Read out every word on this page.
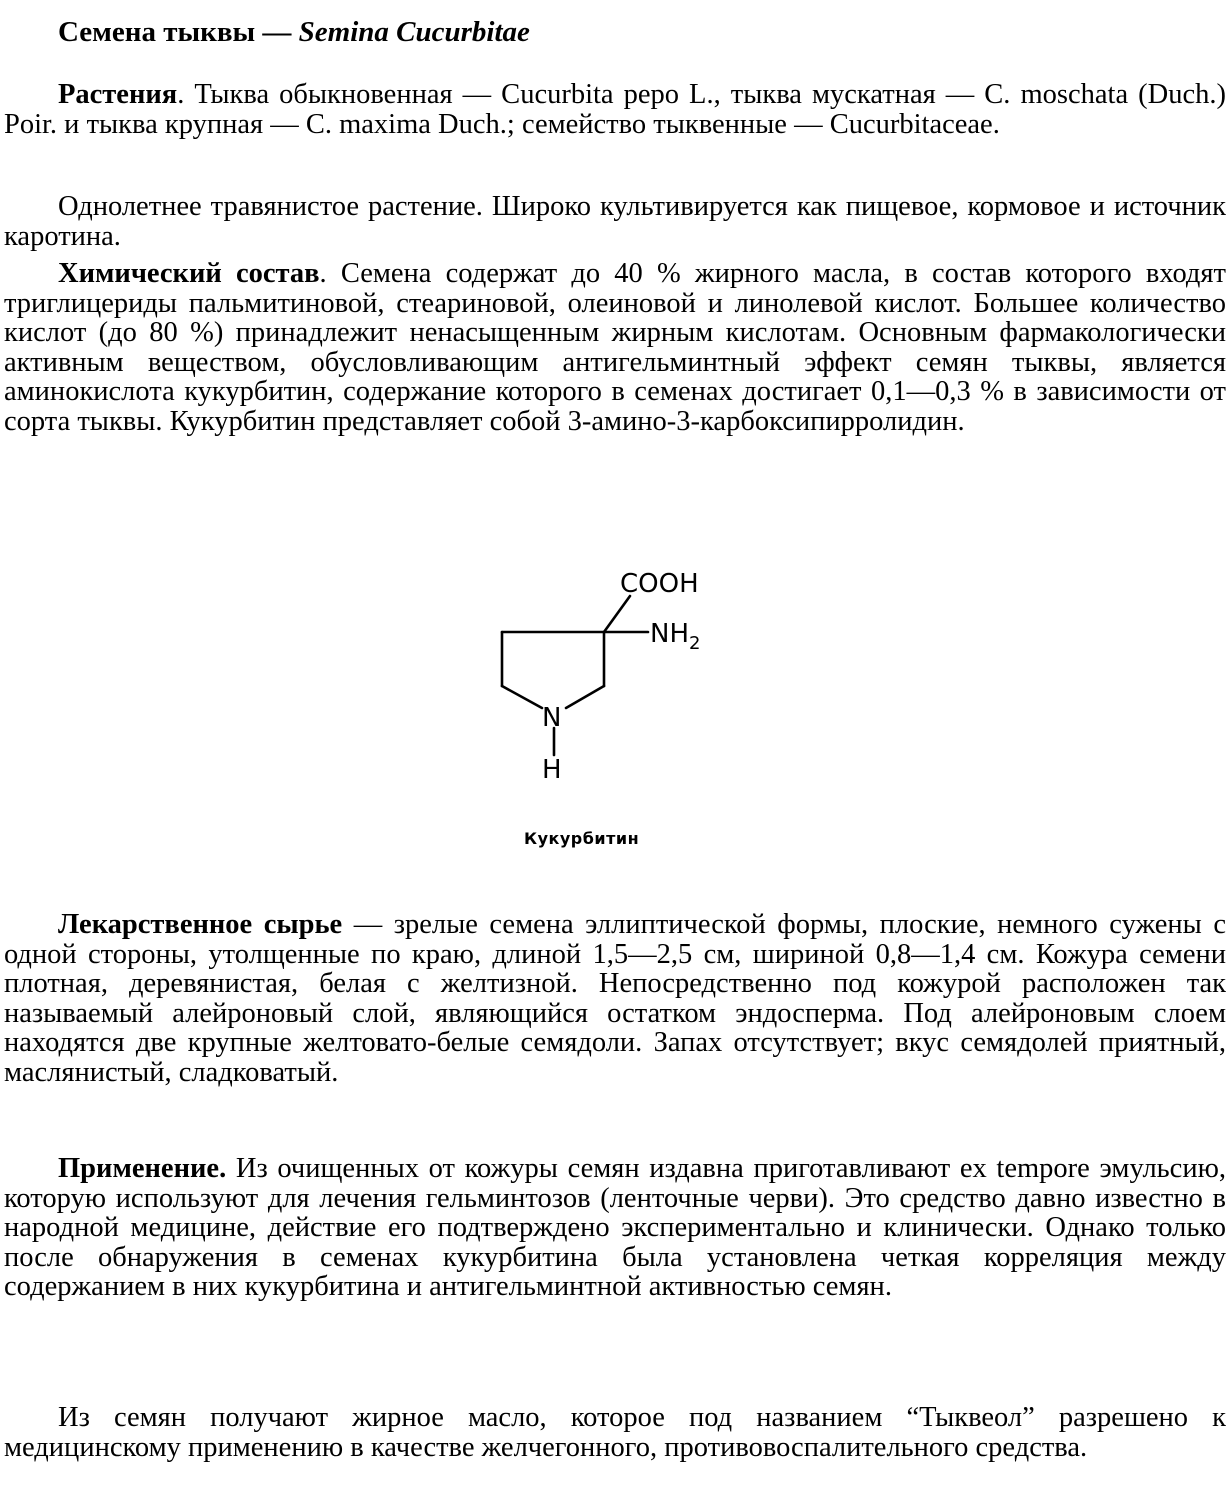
Семена тыквы — Semina Cucurbitae

Растения. Тыква обыкновенная — Cucurbita pepo L., тыква мускатная — C. moschata (Duch.) Poir. и тыква крупная — C. maxima Duch.; семейство тыквенные — Cucurbitaceae.

Однолетнее травянистое растение. Широко культивируется как пищевое, кормовое и источник каротина.

Химический состав. Семена содержат до 40 % жирного масла, в состав которого входят триглицериды пальмитиновой, стеариновой, олеиновой и линолевой кислот. Большее количество кислот (до 80 %) принадлежит ненасыщенным жирным кислотам. Основным фармакологически активным веществом, обусловливающим антигельминтный эффект семян тыквы, является аминокислота кукурбитин, содержание которого в семенах достигает 0,1—0,3 % в зависимости от сорта тыквы. Кукурбитин представляет собой 3-амино-3-карбоксипирролидин.

COOH
$NH_2$
N
H
Кукурбитин

Лекарственное сырье — зрелые семена эллиптической формы, плоские, немного сужены с одной стороны, утолщенные по краю, длиной 1,5—2,5 см, шириной 0,8—1,4 см. Кожура семени плотная, деревянистая, белая с желтизной. Непосредственно под кожурой расположен так называемый алейроновый слой, являющийся остатком эндосперма. Под алейроновым слоем находятся две крупные желтовато-белые семядоли. Запах отсутствует; вкус семядолей приятный, маслянистый, сладковатый.

Применение. Из очищенных от кожуры семян издавна приготавливают ex tempore эмульсию, которую используют для лечения гельминтозов (ленточные черви). Это средство давно известно в народной медицине, действие его подтверждено экспериментально и клинически. Однако только после обнаружения в семенах кукурбитина была установлена четкая корреляция между содержанием в них кукурбитина и антигельминтной активностью семян.

Из семян получают жирное масло, которое под названием “Тыквеол” разрешено к медицинскому применению в качестве желчегонного, противовоспалительного средства.
